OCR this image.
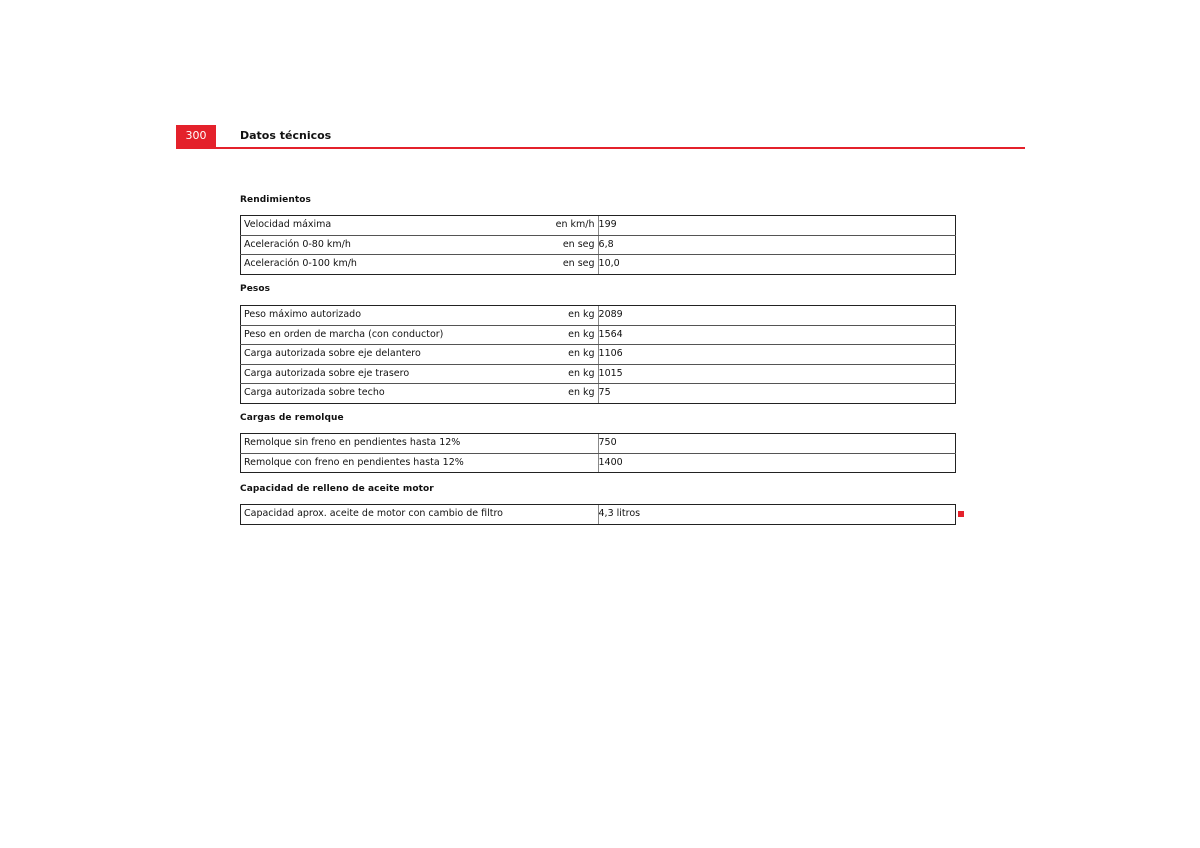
300	Datos técnicos
Rendimientos
Velocidad máxima en km/h	199

Aceleración 0-80 km/h en seg	6,8

Aceleración 0-100 km/h en seg	10,0
Pesos
Peso máximo autorizado en kg	2089

Peso en orden de marcha (con conductor) en kg	1564

Carga autorizada sobre eje delantero en kg	1106

Carga autorizada sobre eje trasero en kg	1015

Carga autorizada sobre techo en kg	75
Cargas de remolque
Remolque sin freno en pendientes hasta 12%	750

Remolque con freno en pendientes hasta 12%	1400
Capacidad de relleno de aceite motor
Capacidad aprox. aceite de motor con cambio de filtro	4,3 litros
